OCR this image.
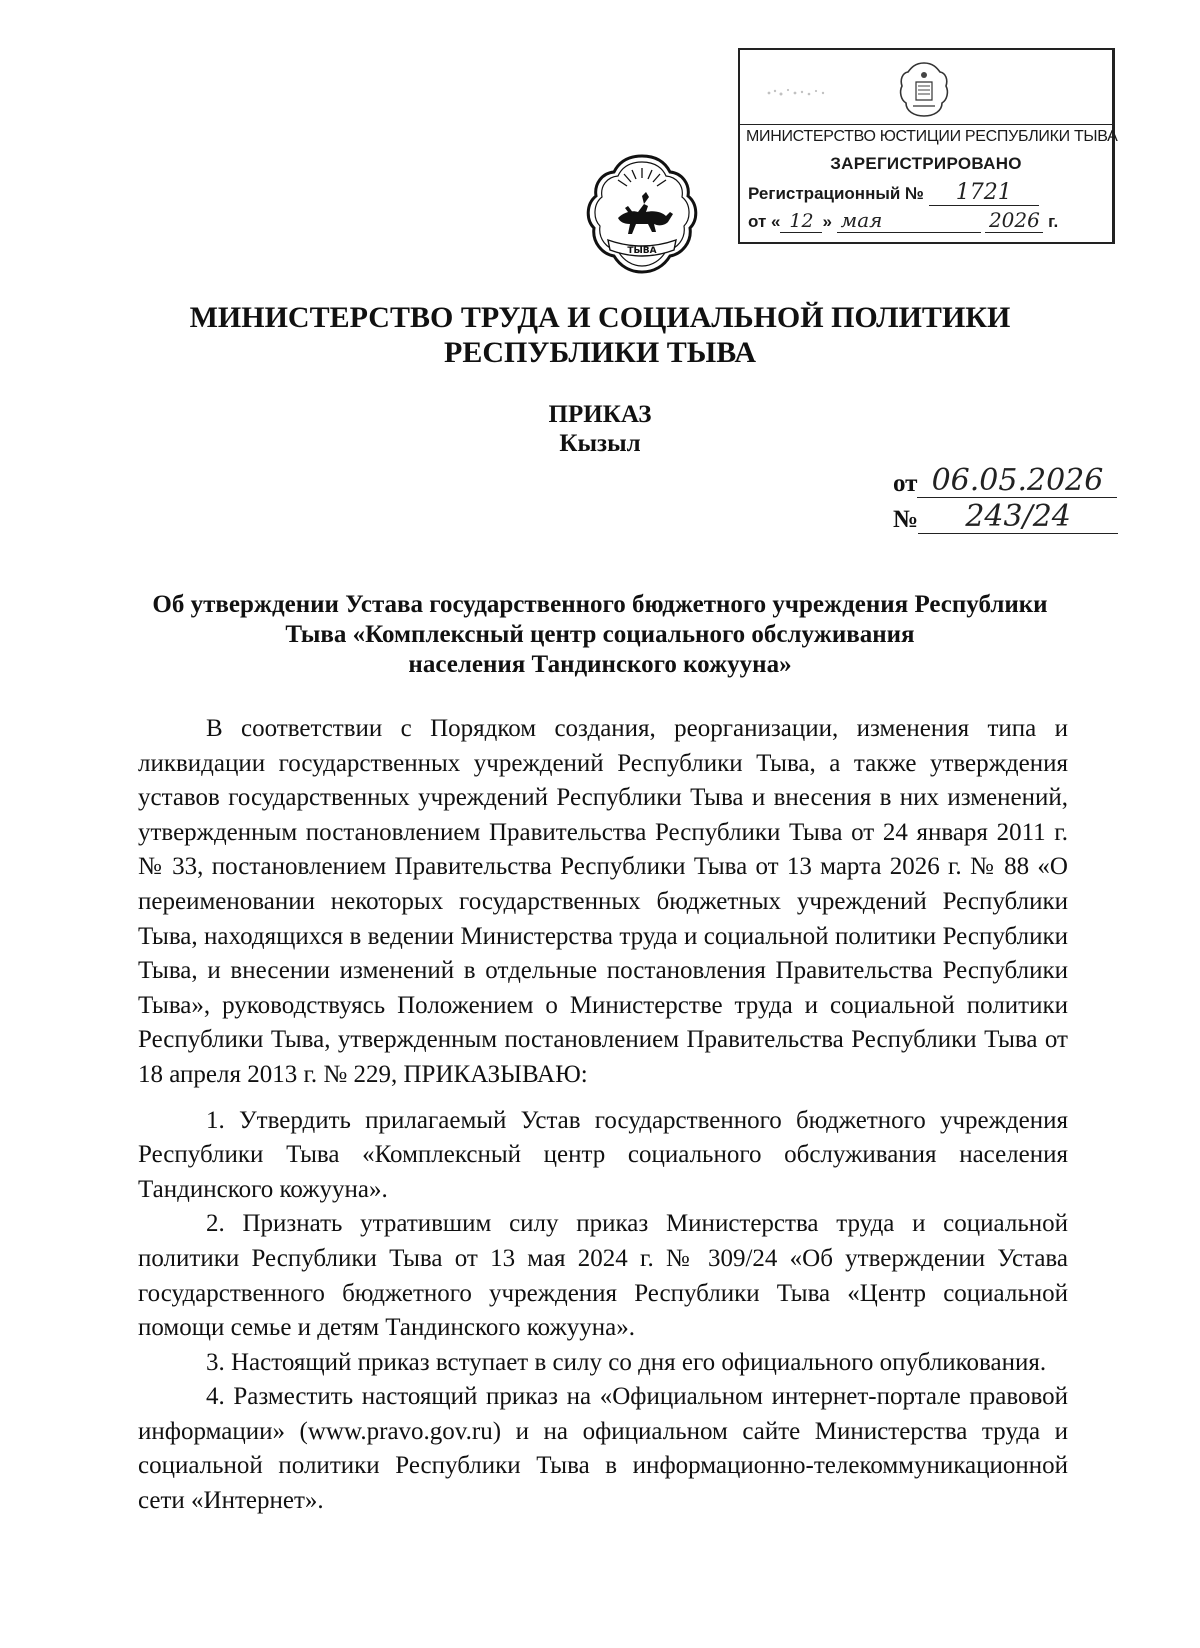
МИНИСТЕРСТВО ЮСТИЦИИ РЕСПУБЛИКИ ТЫВА
ЗАРЕГИСТРИРОВАНО
Регистрационный № 1721
от « 12 » мая	2026 г.
ТЫВА
МИНИСТЕРСТВО ТРУДА И СОЦИАЛЬНОЙ ПОЛИТИКИ
РЕСПУБЛИКИ ТЫВА
ПРИКАЗ
Кызыл
от 06.05.2026
№ 243/24
Об утверждении Устава государственного бюджетного учреждения Республики
Тыва «Комплексный центр социального обслуживания
населения Тандинского кожууна»

В соответствии с Порядком создания, реорганизации, изменения типа и ликвидации государственных учреждений Республики Тыва, а также утверждения уставов государственных учреждений Республики Тыва и внесения в них изменений, утвержденным постановлением Правительства Республики Тыва от 24 января 2011 г. № 33, постановлением Правительства Республики Тыва от 13 марта 2026 г. № 88 «О переименовании некоторых государственных бюджетных учреждений Республики Тыва, находящихся в ведении Министерства труда и социальной политики Республики Тыва, и внесении изменений в отдельные постановления Правительства Республики Тыва», руководствуясь Положением о Министерстве труда и социальной политики Республики Тыва, утвержденным постановлением Правительства Республики Тыва от 18 апреля 2013 г. № 229, ПРИКАЗЫВАЮ:

1. Утвердить прилагаемый Устав государственного бюджетного учреждения Республики Тыва «Комплексный центр социального обслуживания населения Тандинского кожууна».

2. Признать утратившим силу приказ Министерства труда и социальной политики Республики Тыва от 13 мая 2024 г. № 309/24 «Об утверждении Устава государственного бюджетного учреждения Республики Тыва «Центр социальной помощи семье и детям Тандинского кожууна».

3. Настоящий приказ вступает в силу со дня его официального опубликования.

4. Разместить настоящий приказ на «Официальном интернет-портале правовой информации» (www.pravo.gov.ru) и на официальном сайте Министерства труда и социальной политики Республики Тыва в информационно-телекоммуникационной сети «Интернет».
